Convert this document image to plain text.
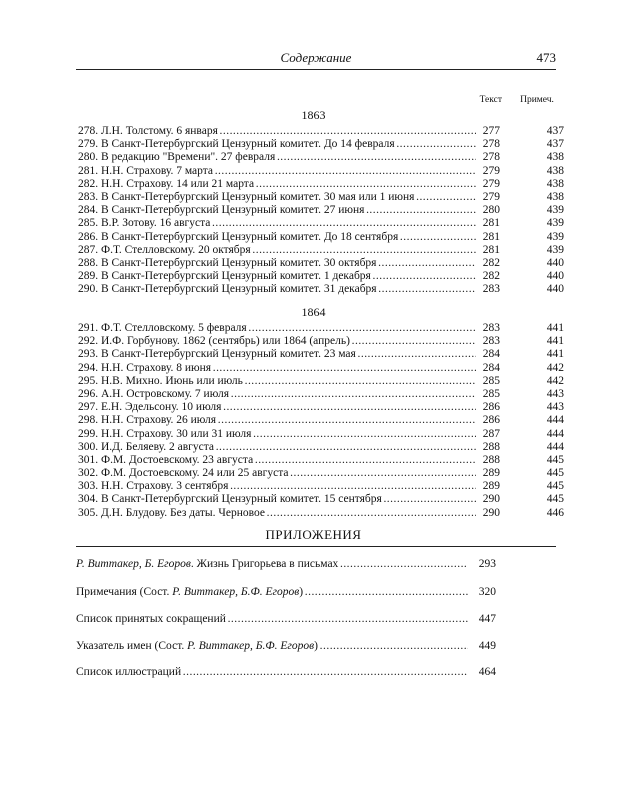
Содержание	473
Текст	Примеч.
1863
278. Л.Н. Толстому. 6 января . . .	277	437
279. В Санкт-Петербургский Цензурный комитет. До 14 февраля . . .	278	437
280. В редакцию "Времени". 27 февраля . . .	278	438
281. Н.Н. Страхову. 7 марта . . .	279	438
282. Н.Н. Страхову. 14 или 21 марта . . .	279	438
283. В Санкт-Петербургский Цензурный комитет. 30 мая или 1 июня . . .	279	438
284. В Санкт-Петербургский Цензурный комитет. 27 июня . . .	280	439
285. В.Р. Зотову. 16 августа . . .	281	439
286. В Санкт-Петербургский Цензурный комитет. До 18 сентября . . .	281	439
287. Ф.Т. Стелловскому. 20 октября . . .	281	439
288. В Санкт-Петербургский Цензурный комитет. 30 октября . . .	282	440
289. В Санкт-Петербургский Цензурный комитет. 1 декабря . . .	282	440
290. В Санкт-Петербургский Цензурный комитет. 31 декабря . . .	283	440
1864
291. Ф.Т. Стелловскому. 5 февраля . . .	283	441
292. И.Ф. Горбунову. 1862 (сентябрь) или 1864 (апрель) . . .	283	441
293. В Санкт-Петербургский Цензурный комитет. 23 мая . . .	284	441
294. Н.Н. Страхову. 8 июня . . .	284	442
295. Н.В. Михно. Июнь или июль . . .	285	442
296. А.Н. Островскому. 7 июля . . .	285	443
297. Е.Н. Эдельсону. 10 июля . . .	286	443
298. Н.Н. Страхову. 26 июля . . .	286	444
299. Н.Н. Страхову. 30 или 31 июля . . .	287	444
300. И.Д. Беляеву. 2 августа . . .	288	444
301. Ф.М. Достоевскому. 23 августа . . .	288	445
302. Ф.М. Достоевскому. 24 или 25 августа . . .	289	445
303. Н.Н. Страхову. 3 сентября . . .	289	445
304. В Санкт-Петербургский Цензурный комитет. 15 сентября . . .	290	445
305. Д.Н. Блудову. Без даты. Черновое . . .	290	446
ПРИЛОЖЕНИЯ
Р. Виттакер, Б. Егоров. Жизнь Григорьева в письмах . . .	293
Примечания (Сост. Р. Виттакер, Б.Ф. Егоров) . . .	320
Список принятых сокращений . . .	447
Указатель имен (Сост. Р. Виттакер, Б.Ф. Егоров) . . .	449
Список иллюстраций . . .	464
